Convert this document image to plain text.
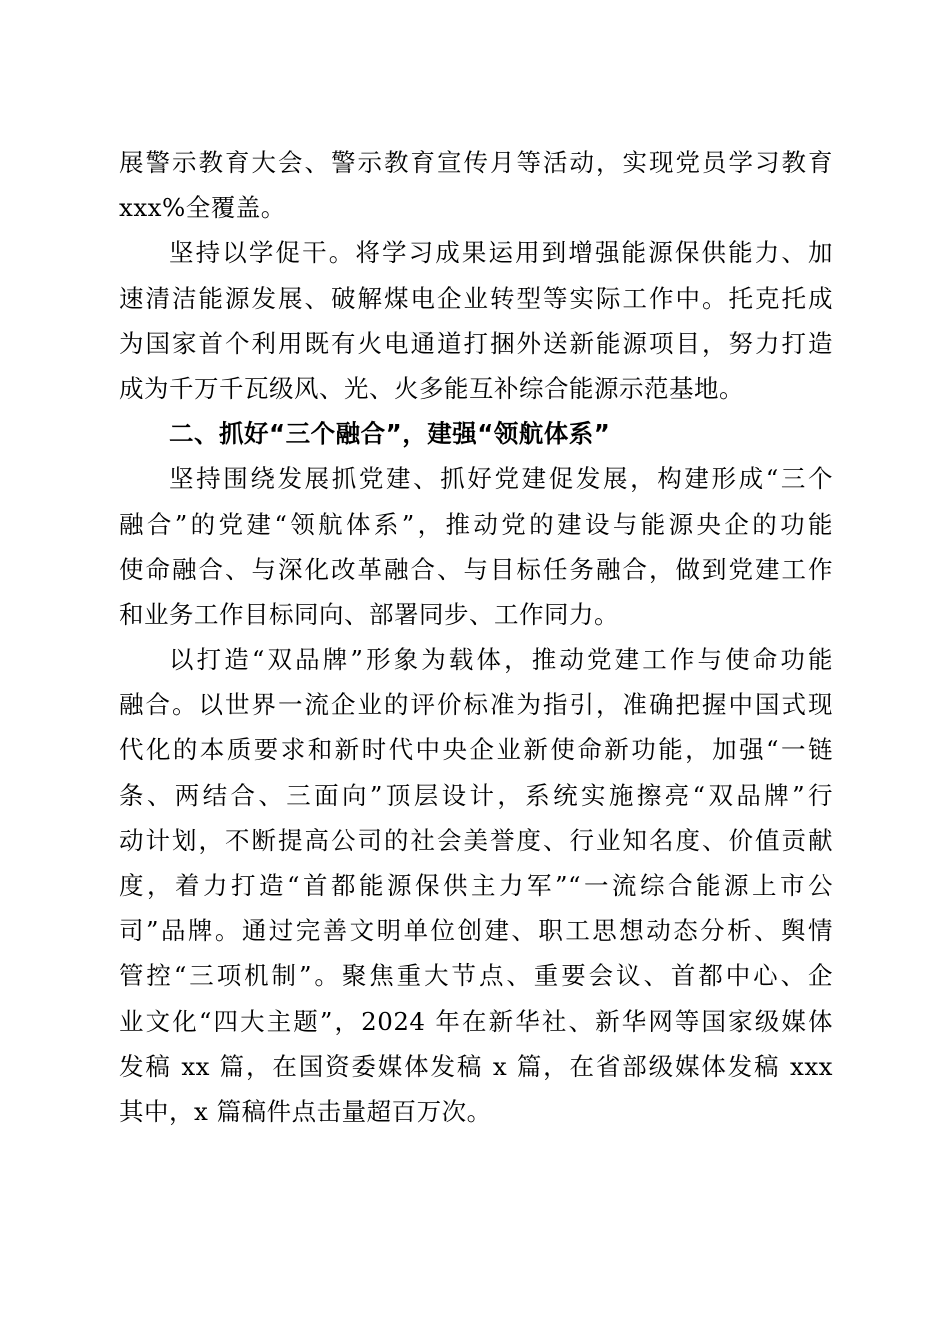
展警示教育大会、警示教育宣传月等活动，实现党员学习教育
xxx%全覆盖。
坚持以学促干。将学习成果运用到增强能源保供能力、加
速清洁能源发展、破解煤电企业转型等实际工作中。托克托成
为国家首个利用既有火电通道打捆外送新能源项目，努力打造
成为千万千瓦级风、光、火多能互补综合能源示范基地。
二、抓好“三个融合”，建强“领航体系”
坚持围绕发展抓党建、抓好党建促发展，构建形成“三个
融合”的党建“领航体系”，推动党的建设与能源央企的功能
使命融合、与深化改革融合、与目标任务融合，做到党建工作
和业务工作目标同向、部署同步、工作同力。
以打造“双品牌”形象为载体，推动党建工作与使命功能
融合。以世界一流企业的评价标准为指引，准确把握中国式现
代化的本质要求和新时代中央企业新使命新功能，加强“一链
条、两结合、三面向”顶层设计，系统实施擦亮“双品牌”行
动计划，不断提高公司的社会美誉度、行业知名度、价值贡献
度，着力打造“首都能源保供主力军”“一流综合能源上市公
司”品牌。通过完善文明单位创建、职工思想动态分析、舆情
管控“三项机制”。聚焦重大节点、重要会议、首都中心、企
业文化“四大主题”，2024 年在新华社、新华网等国家级媒体
发稿 xx 篇，在国资委媒体发稿 x 篇，在省部级媒体发稿 xxx
其中，x 篇稿件点击量超百万次。
